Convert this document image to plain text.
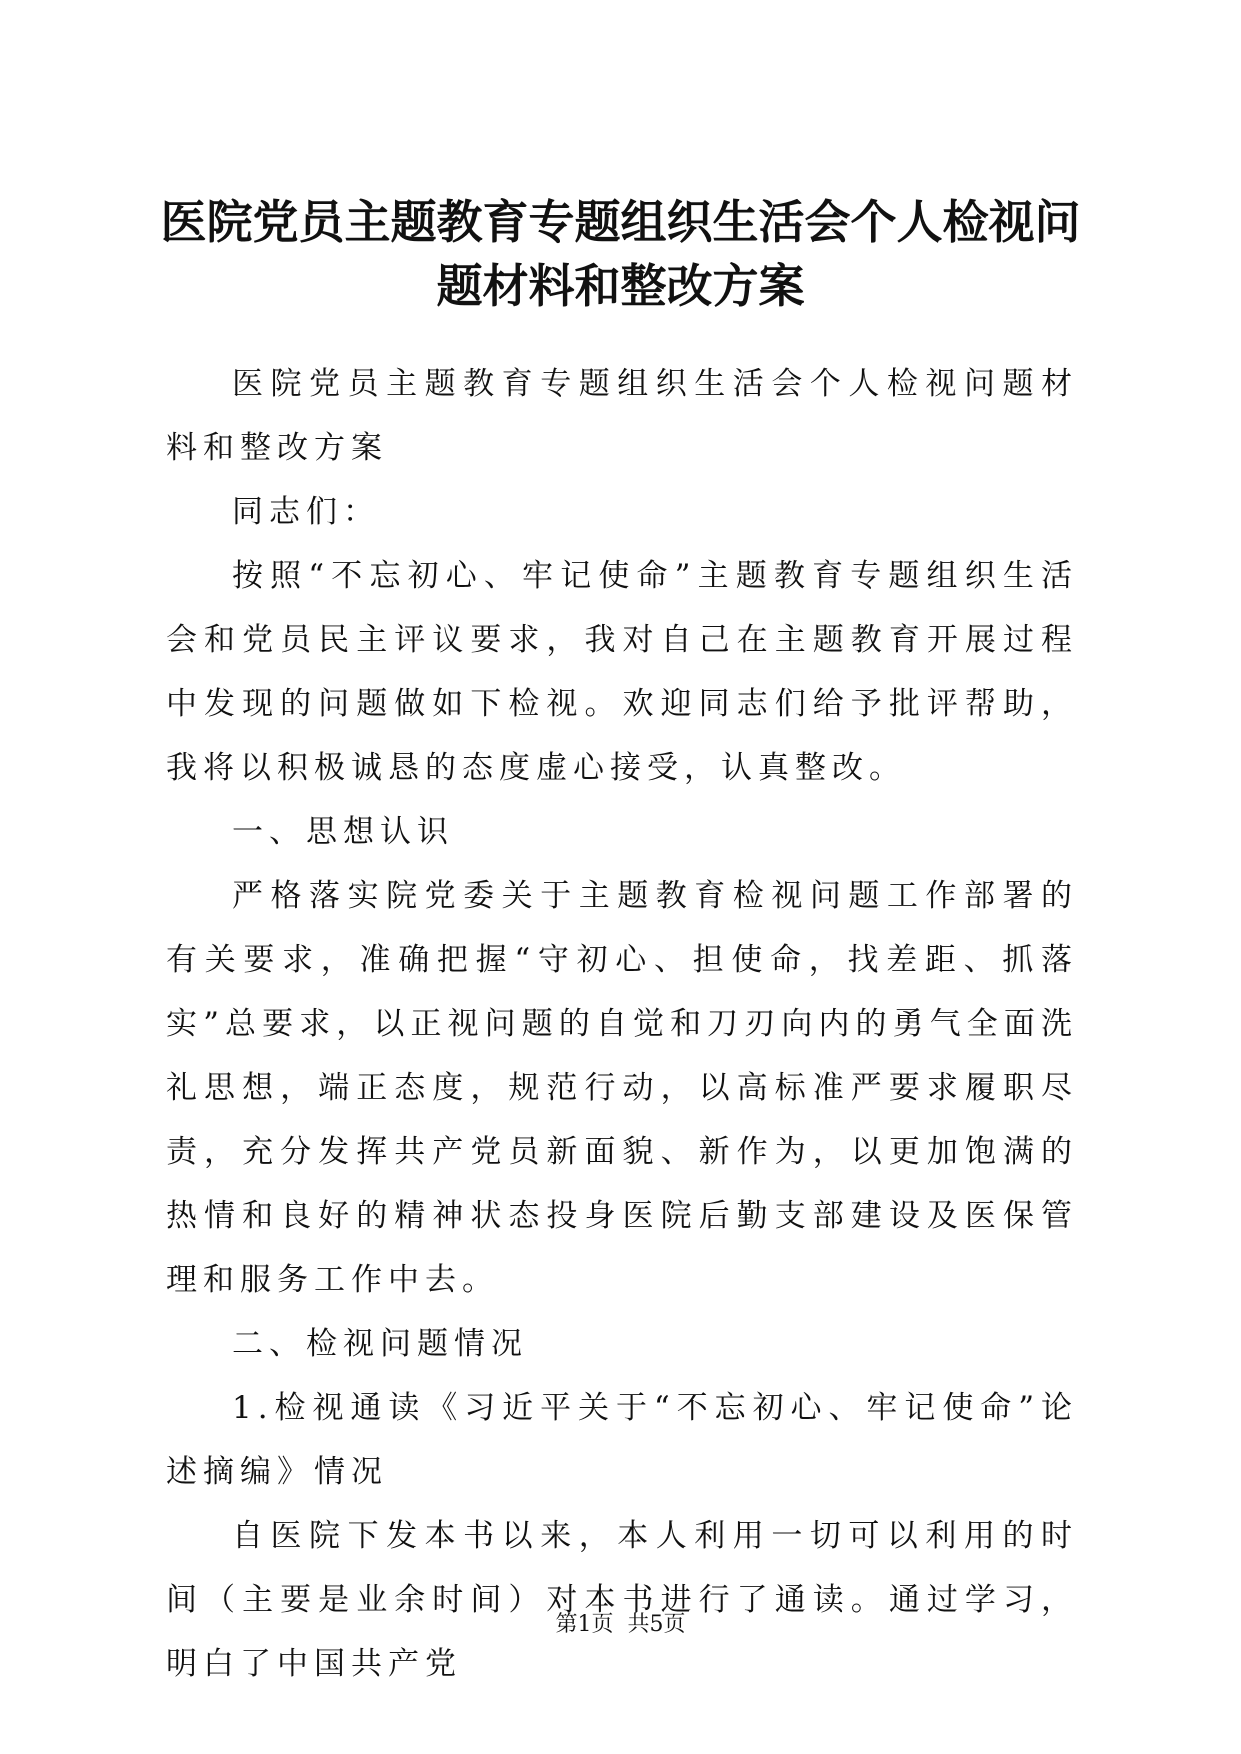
医院党员主题教育专题组织生活会个人检视问题材料和整改方案

医院党员主题教育专题组织生活会个人检视问题材料和整改方案

同志们：

按照“不忘初心、牢记使命”主题教育专题组织生活会和党员民主评议要求，我对自己在主题教育开展过程中发现的问题做如下检视。欢迎同志们给予批评帮助，我将以积极诚恳的态度虚心接受，认真整改。

一、思想认识

严格落实院党委关于主题教育检视问题工作部署的有关要求，准确把握“守初心、担使命，找差距、抓落实”总要求，以正视问题的自觉和刀刃向内的勇气全面洗礼思想，端正态度，规范行动，以高标准严要求履职尽责，充分发挥共产党员新面貌、新作为，以更加饱满的热情和良好的精神状态投身医院后勤支部建设及医保管理和服务工作中去。

二、检视问题情况

1.检视通读《习近平关于“不忘初心、牢记使命”论述摘编》情况

自医院下发本书以来，本人利用一切可以利用的时间（主要是业余时间）对本书进行了通读。通过学习，明白了中国共产党

第1页 共5页
